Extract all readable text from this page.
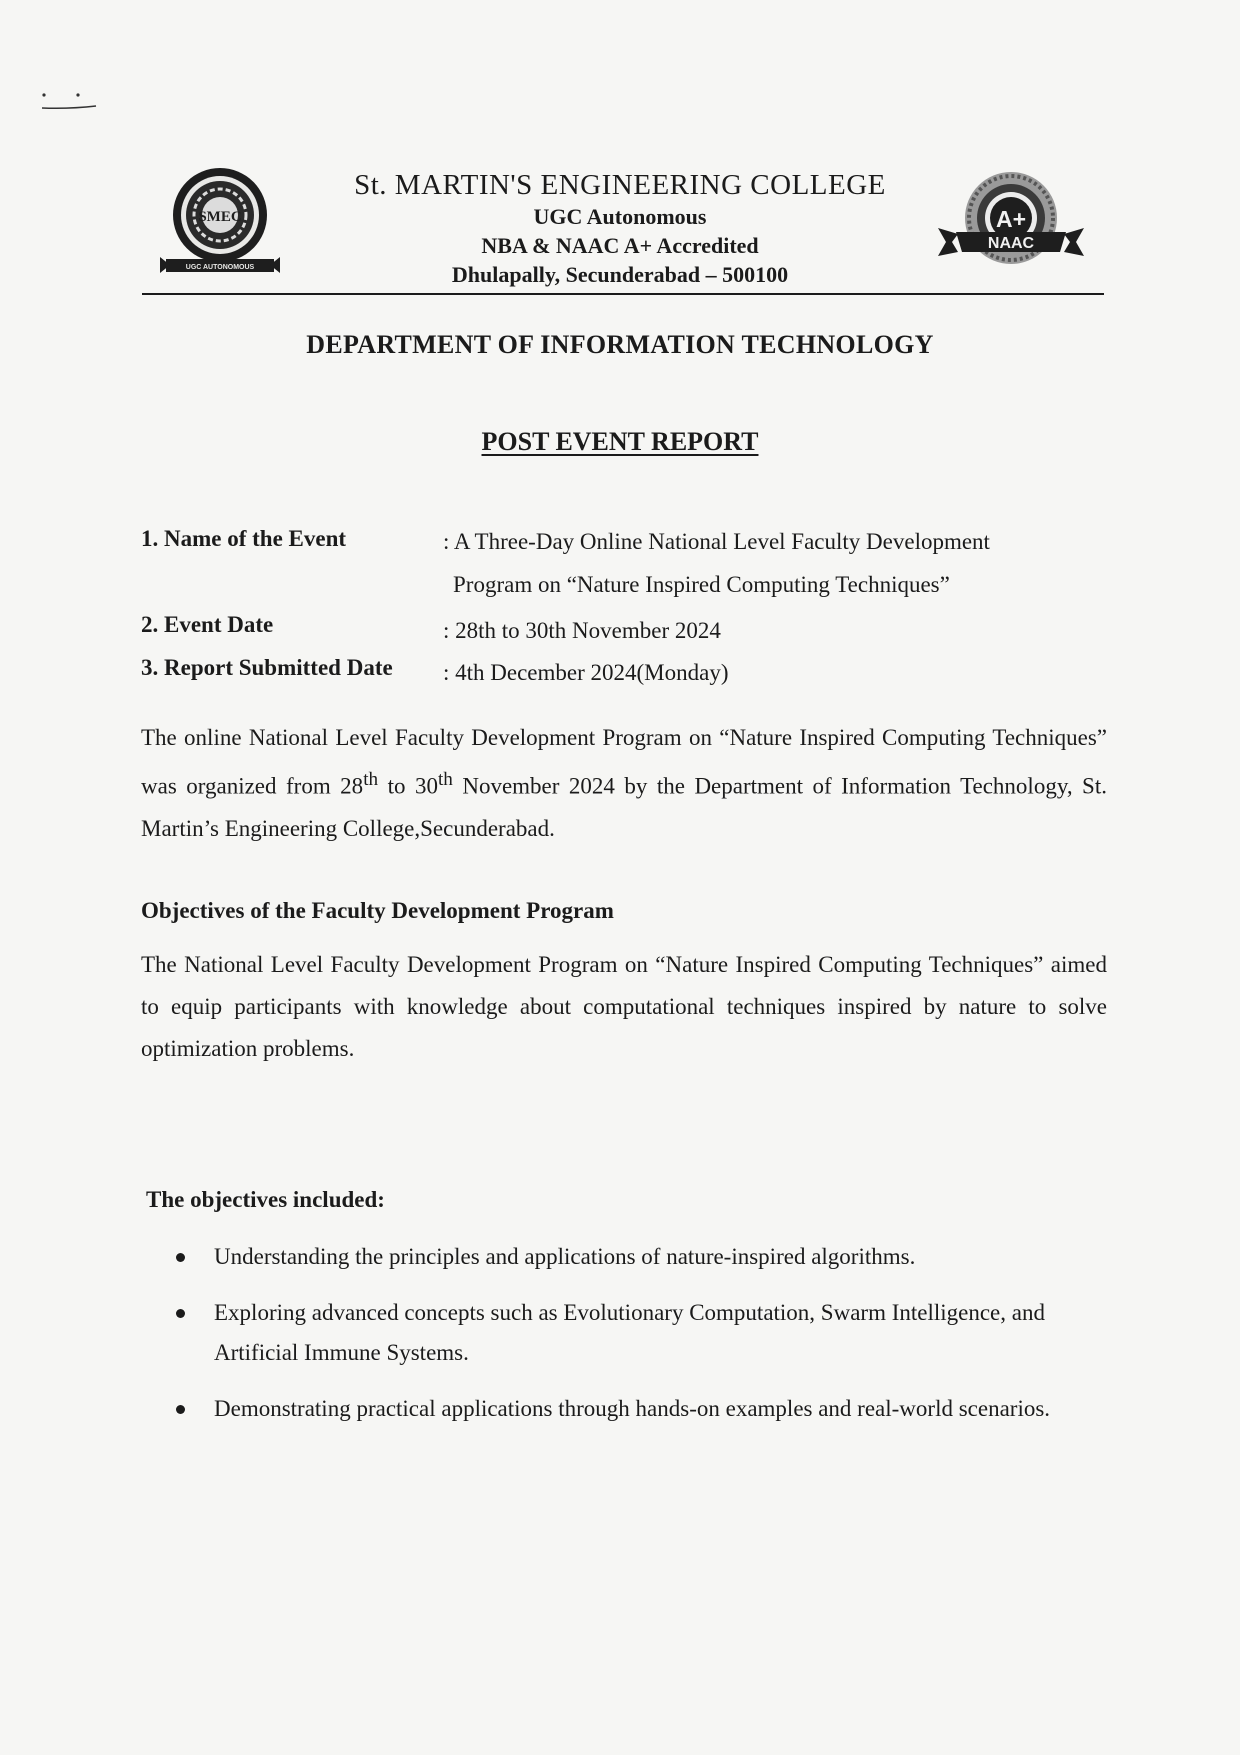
SMEC
UGC AUTONOMOUS
St. MARTIN'S ENGINEERING COLLEGE
UGC Autonomous
NBA & NAAC A+ Accredited
Dhulapally, Secunderabad – 500100
A+
NAAC
DEPARTMENT OF INFORMATION TECHNOLOGY
POST EVENT REPORT
1. Name of the Event	: A Three-Day Online National Level Faculty Development
Program on “Nature Inspired Computing Techniques”
2. Event Date	: 28th to 30th November 2024
3. Report Submitted Date : 4th December 2024(Monday)
The online National Level Faculty Development Program on “Nature Inspired Computing Techniques” was organized from 28th to 30th November 2024 by the Department of Information Technology, St. Martin’s Engineering College,Secunderabad.
Objectives of the Faculty Development Program
The National Level Faculty Development Program on “Nature Inspired Computing Techniques” aimed to equip participants with knowledge about computational techniques inspired by nature to solve optimization problems.
The objectives included:
Understanding the principles and applications of nature-inspired algorithms.
Exploring advanced concepts such as Evolutionary Computation, Swarm Intelligence, and Artificial Immune Systems.
Demonstrating practical applications through hands-on examples and real-world scenarios.
